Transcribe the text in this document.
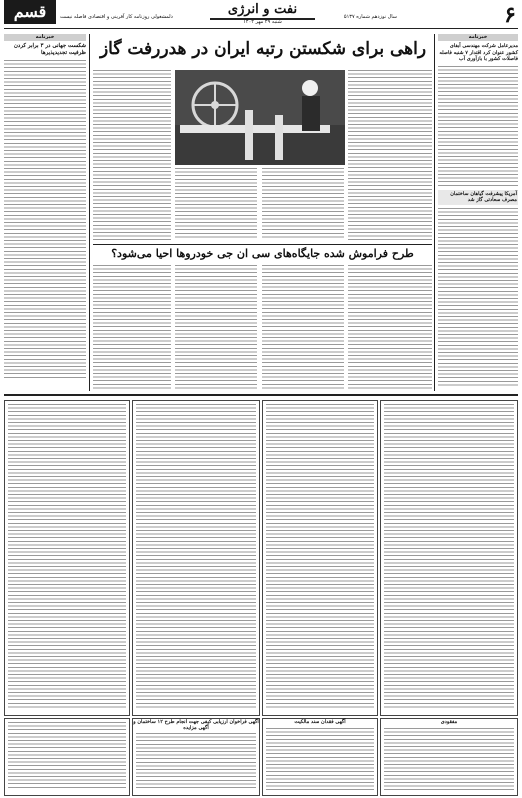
۶
سال نوزدهم شماره ۵۱۳۷
نفت و انرژی
شنبه ۲۹ مهر ۱۴۰۲
دلمشغولی روزنامه کار آفرینی و اقتصادی فاصله نیست
قسم
خبرنامه
مدیرعامل شرکت مهندسی آبفای کشور عنوان کرد اقتدار ۷ شنبه فاصله فاصلات کشور با بازآوری آب
آمریکا پیشرفت گیاهان ساختمان مصرف سعادتی گاز شد
خبرنامه
شکست جهانی در ۳ برابر کردن ظرفیت تجدیدپذیرها راهی برای شکستن رتبه ایران در هدررفت گاز
طرح فراموش شده جایگاه‌های سی ان جی خودروها احیا می‌شود؟
مفقودی
آگهی فقدان سند مالکیت
آگهی فراخوان ارزیابی کیفی جهت انجام طرح ۱۲ ساختمان و آگهی مزایده
